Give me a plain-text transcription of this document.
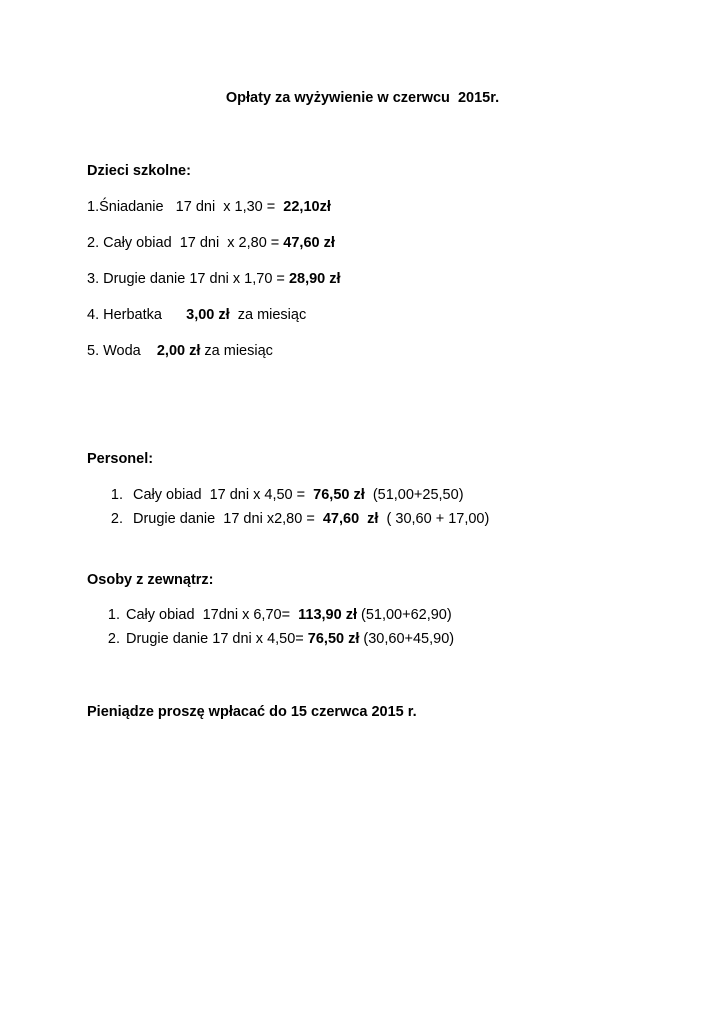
Opłaty za wyżywienie w czerwcu  2015r.
Dzieci szkolne:
1.Śniadanie   17 dni  x 1,30 =  22,10zł
2. Cały obiad  17 dni  x 2,80 = 47,60 zł
3. Drugie danie 17 dni x 1,70 = 28,90 zł
4. Herbatka      3,00 zł  za miesiąc
5. Woda    2,00 zł za miesiąc
Personel:
1. Cały obiad  17 dni x 4,50 =  76,50 zł  (51,00+25,50)
2. Drugie danie  17 dni x2,80 =  47,60  zł  ( 30,60 + 17,00)
Osoby z zewnątrz:
1. Cały obiad  17dni x 6,70=  113,90 zł (51,00+62,90)
2. Drugie danie 17 dni x 4,50= 76,50 zł (30,60+45,90)
Pieniądze proszę wpłacać do 15 czerwca 2015 r.
